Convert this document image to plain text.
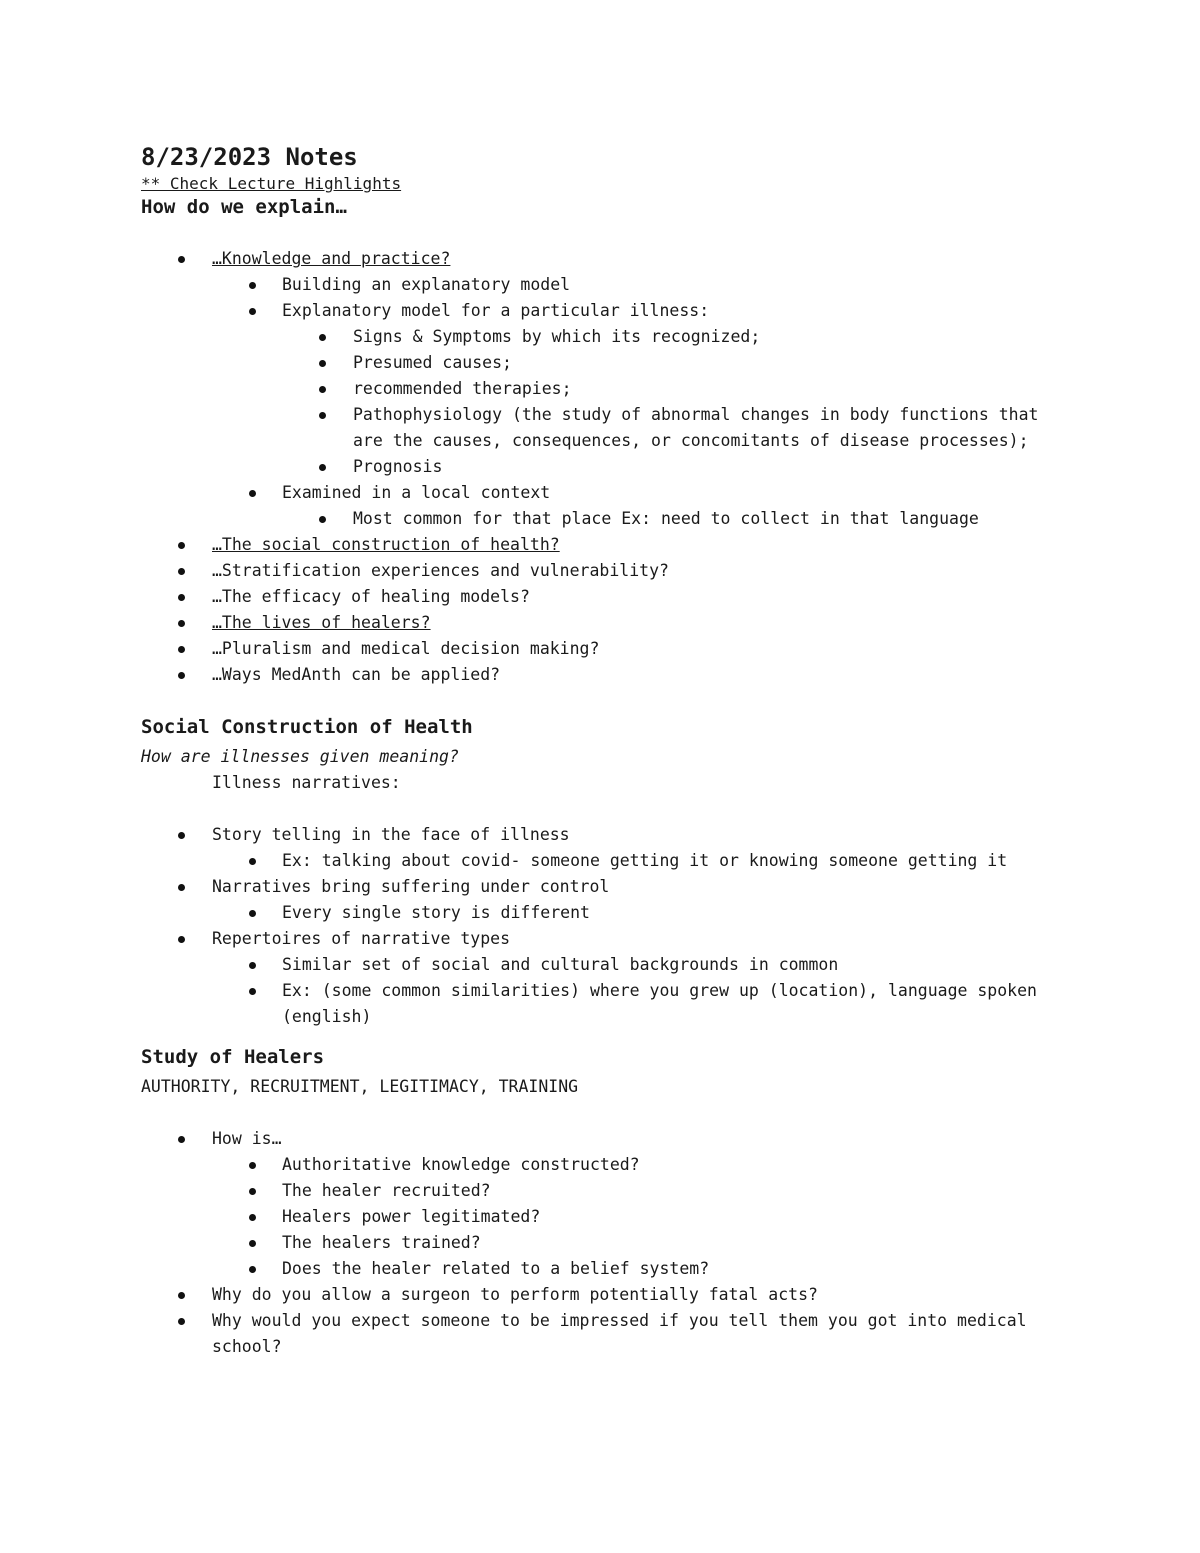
8/23/2023 Notes
** Check Lecture Highlights
How do we explain…
…Knowledge and practice?
Building an explanatory model
Explanatory model for a particular illness:
Signs & Symptoms by which its recognized;
Presumed causes;
recommended therapies;
Pathophysiology (the study of abnormal changes in body functions that are the causes, consequences, or concomitants of disease processes);
Prognosis
Examined in a local context
Most common for that place Ex: need to collect in that language
…The social construction of health?
…Stratification experiences and vulnerability?
…The efficacy of healing models?
…The lives of healers?
…Pluralism and medical decision making?
…Ways MedAnth can be applied?
Social Construction of Health
How are illnesses given meaning?
Illness narratives:
Story telling in the face of illness
Ex: talking about covid- someone getting it or knowing someone getting it
Narratives bring suffering under control
Every single story is different
Repertoires of narrative types
Similar set of social and cultural backgrounds in common
Ex: (some common similarities) where you grew up (location), language spoken (english)
Study of Healers
AUTHORITY, RECRUITMENT, LEGITIMACY, TRAINING
How is…
Authoritative knowledge constructed?
The healer recruited?
Healers power legitimated?
The healers trained?
Does the healer related to a belief system?
Why do you allow a surgeon to perform potentially fatal acts?
Why would you expect someone to be impressed if you tell them you got into medical school?
